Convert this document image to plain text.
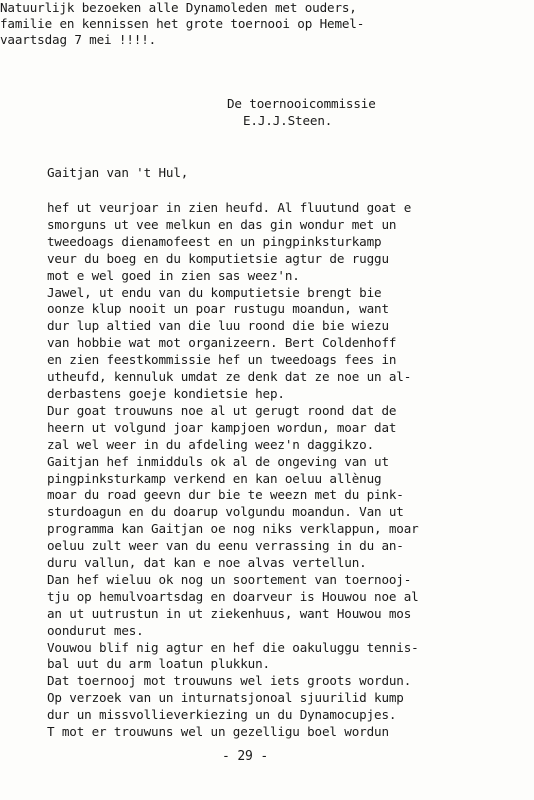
Natuurlijk bezoeken alle Dynamoleden met ouders,
familie en kennissen het grote toernooi op Hemel-
vaartsdag 7 mei !!!!.
De toernooicommissie
E.J.J.Steen.
Gaitjan van 't Hul,
hef ut veurjoar in zien heufd. Al fluutund goat e
smorguns ut vee melkun en das gin wondur met un
tweedoags dienamofeest en un pingpinksturkamp
veur du boeg en du komputietsie agtur de ruggu
mot e wel goed in zien sas weez'n.
Jawel, ut endu van du komputietsie brengt bie
oonze klup nooit un poar rustugu moandun, want
dur lup altied van die luu roond die bie wiezu
van hobbie wat mot organizeern. Bert Coldenhoff
en zien feestkommissie hef un tweedoags fees in
utheufd, kennuluk umdat ze denk dat ze noe un al-
derbastens goeje kondietsie hep.
Dur goat trouwuns noe al ut gerugt roond dat de
heern ut volgund joar kampjoen wordun, moar dat
zal wel weer in du afdeling weez'n daggikzo.
Gaitjan hef inmidduls ok al de ongeving van ut
pingpinksturkamp verkend en kan oeluu allènug
moar du road geevn dur bie te weezn met du pink-
sturdoagun en du doarup volgundu moandun. Van ut
programma kan Gaitjan oe nog niks verklappun, moar
oeluu zult weer van du eenu verrassing in du an-
duru vallun, dat kan e noe alvas vertellun.
Dan hef wieluu ok nog un soortement van toernooj-
tju op hemulvoartsdag en doarveur is Houwou noe al
an ut uutrustun in ut ziekenhuus, want Houwou mos
oondurut mes.
Vouwou blif nig agtur en hef die oakuluggu tennis-
bal uut du arm loatun plukkun.
Dat toernooj mot trouwuns wel iets groots wordun.
Op verzoek van un inturnatsjonoal sjuurilid kump
dur un missvollieverkiezing un du Dynamocupjes.
T mot er trouwuns wel un gezelligu boel wordun
- 29 -
